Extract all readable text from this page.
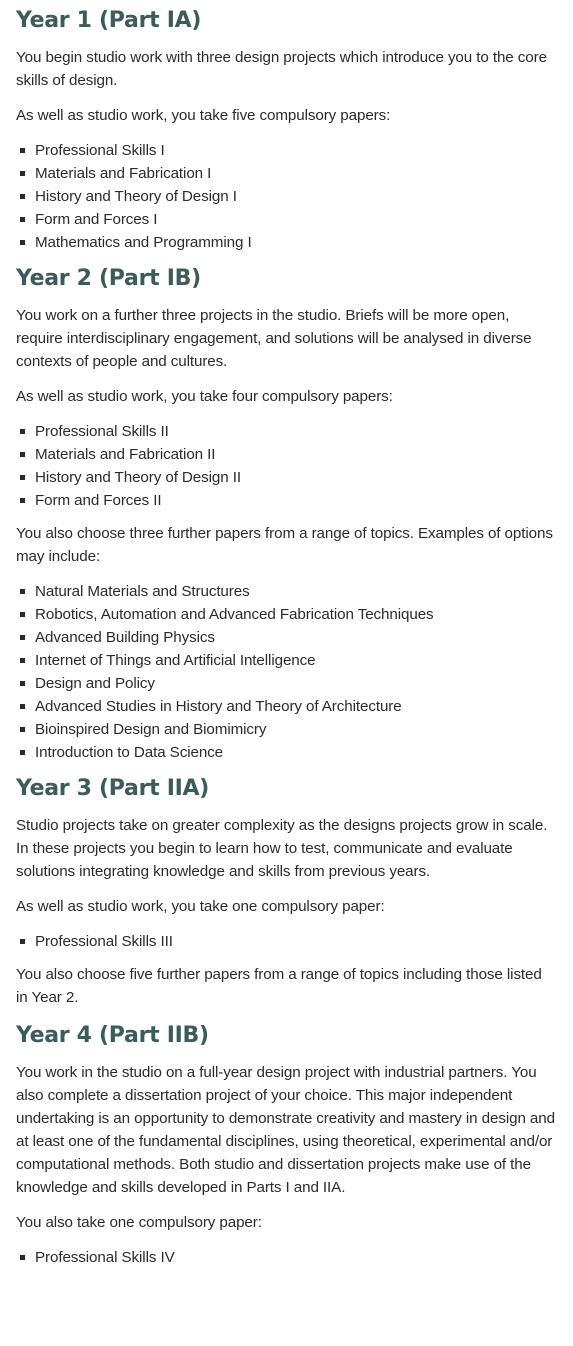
Year 1 (Part IA)

You begin studio work with three design projects which introduce you to the core skills of design.

As well as studio work, you take five compulsory papers:

Professional Skills I
Materials and Fabrication I
History and Theory of Design I
Form and Forces I
Mathematics and Programming I
Year 2 (Part IB)

You work on a further three projects in the studio. Briefs will be more open, require interdisciplinary engagement, and solutions will be analysed in diverse contexts of people and cultures.

As well as studio work, you take four compulsory papers:

Professional Skills II
Materials and Fabrication II
History and Theory of Design II
Form and Forces II

You also choose three further papers from a range of topics. Examples of options may include:

Natural Materials and Structures
Robotics, Automation and Advanced Fabrication Techniques
Advanced Building Physics
Internet of Things and Artificial Intelligence
Design and Policy
Advanced Studies in History and Theory of Architecture
Bioinspired Design and Biomimicry
Introduction to Data Science
Year 3 (Part IIA)

Studio projects take on greater complexity as the designs projects grow in scale. In these projects you begin to learn how to test, communicate and evaluate solutions integrating knowledge and skills from previous years.

As well as studio work, you take one compulsory paper:

Professional Skills III

You also choose five further papers from a range of topics including those listed in Year 2.

Year 4 (Part IIB)

You work in the studio on a full-year design project with industrial partners. You also complete a dissertation project of your choice. This major independent undertaking is an opportunity to demonstrate creativity and mastery in design and at least one of the fundamental disciplines, using theoretical, experimental and/or computational methods. Both studio and dissertation projects make use of the knowledge and skills developed in Parts I and IIA.

You also take one compulsory paper:

Professional Skills IV
